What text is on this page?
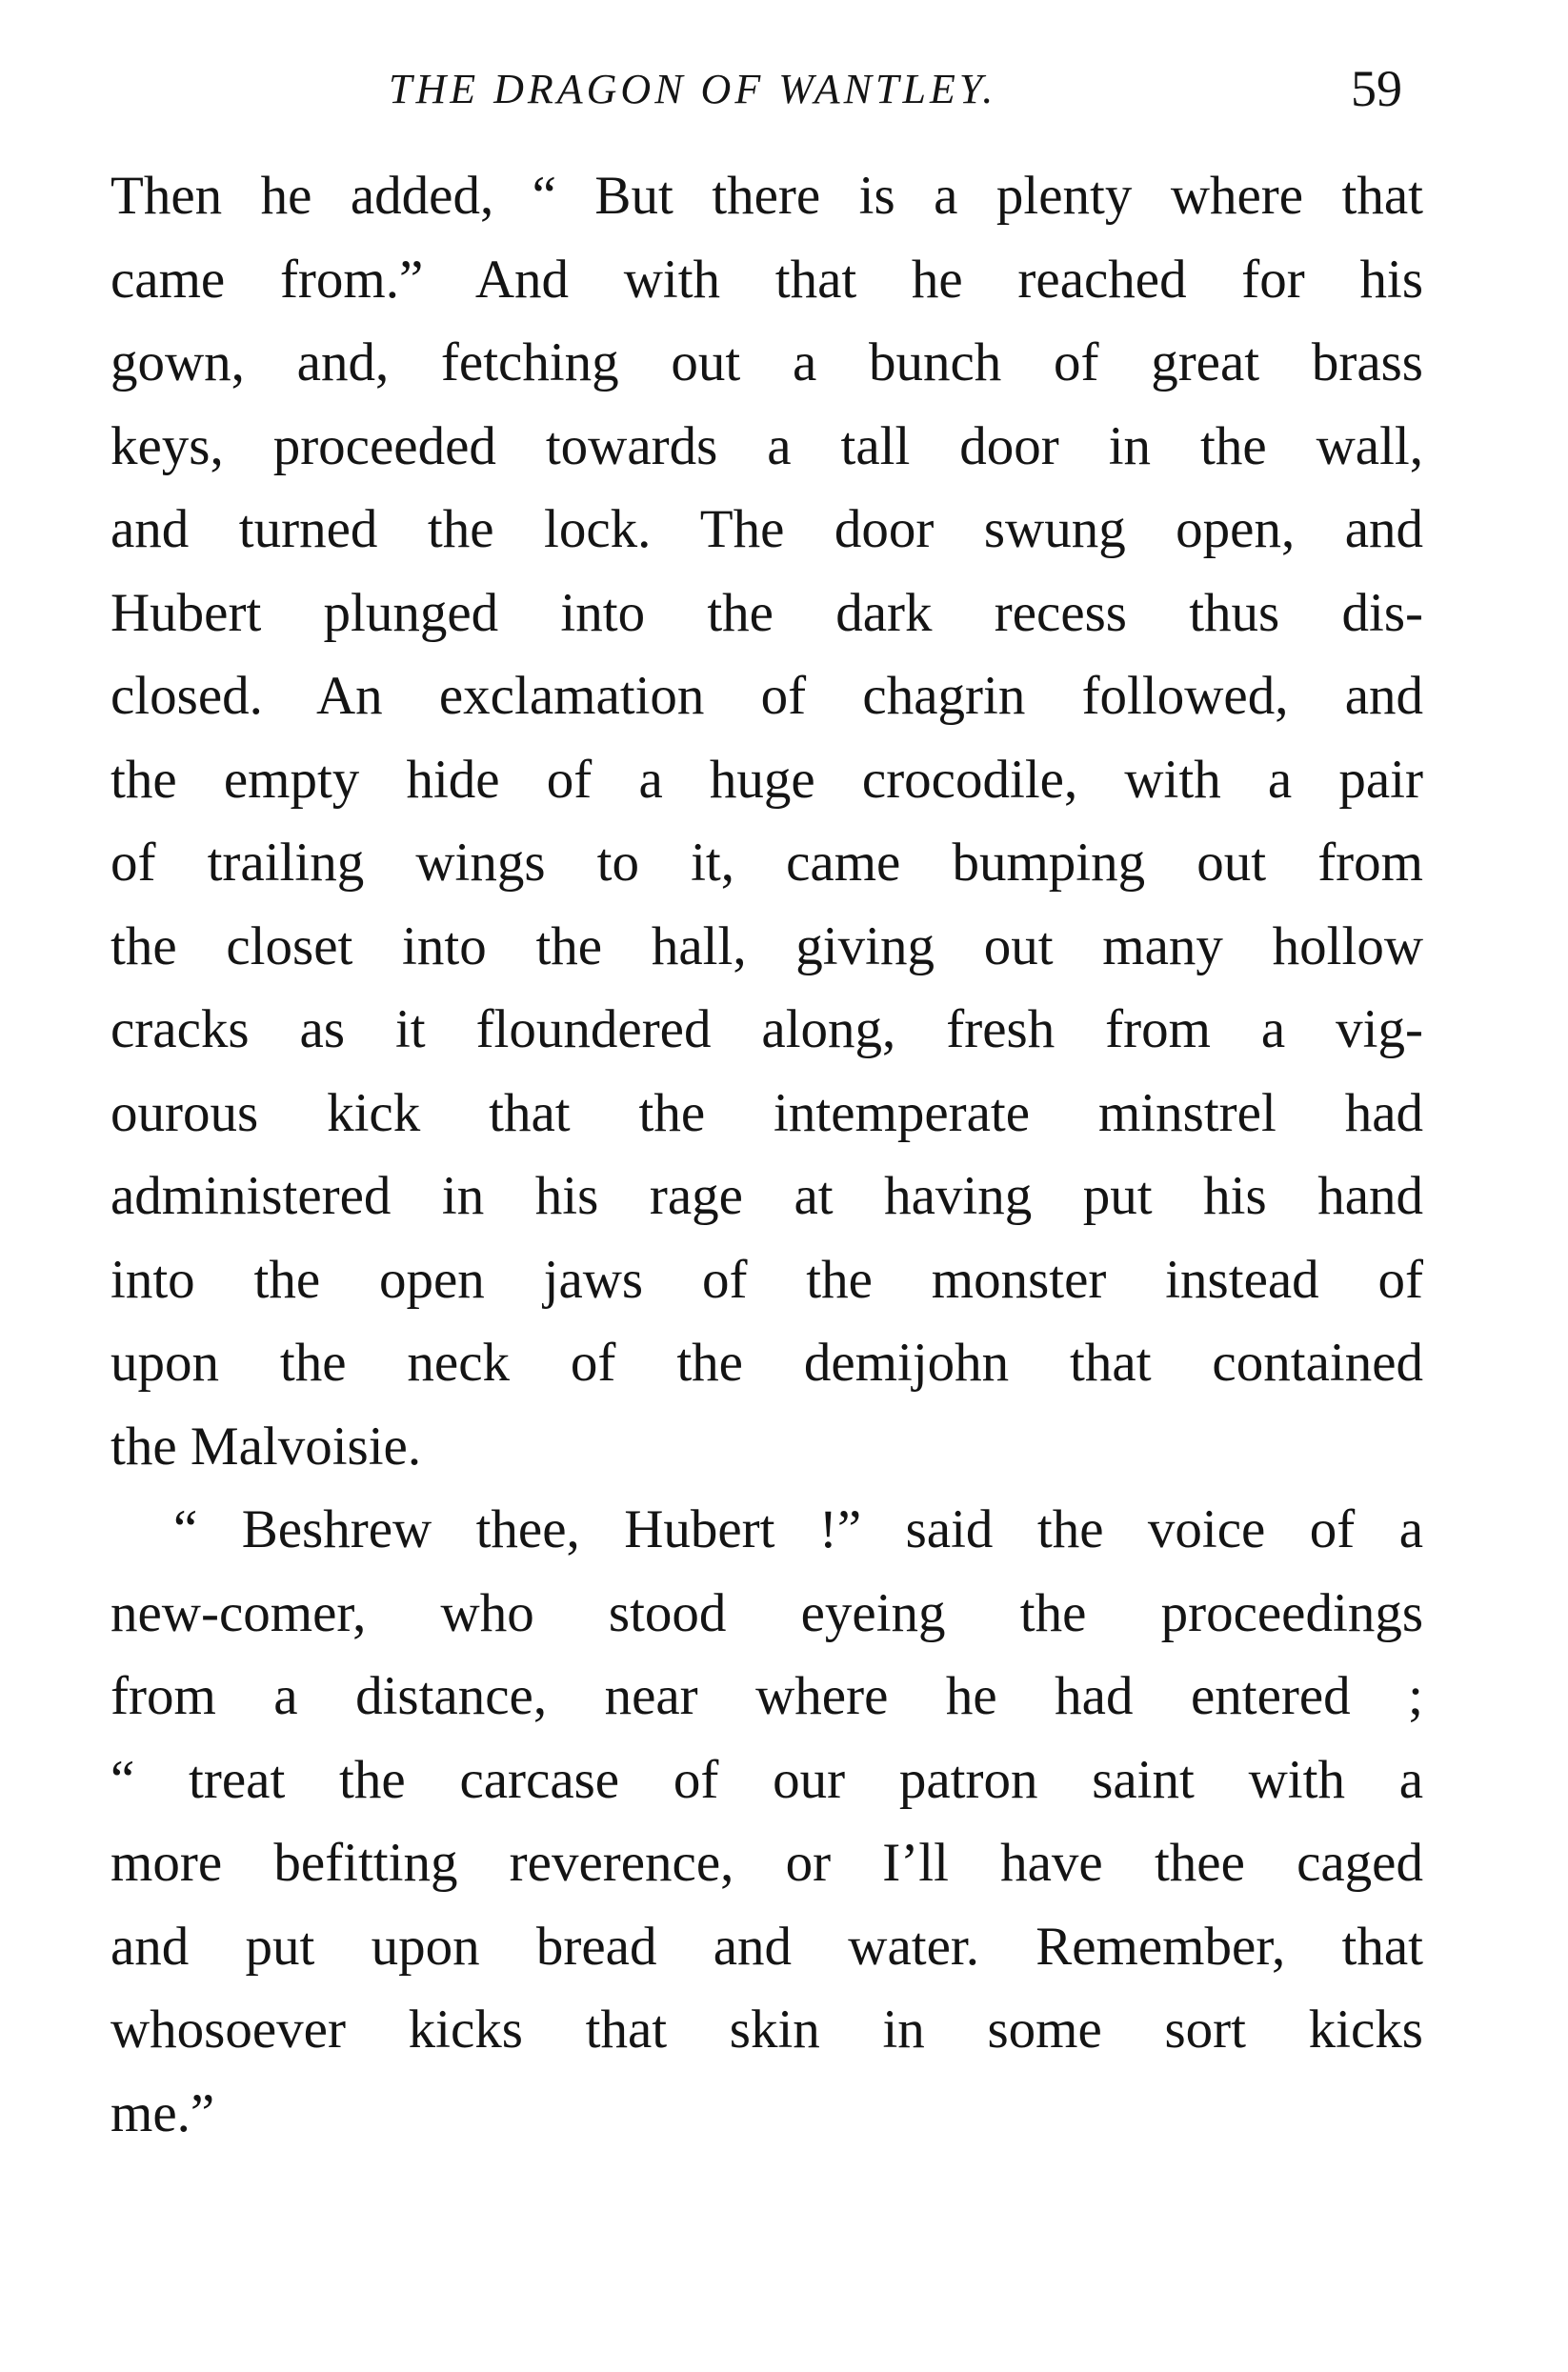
THE DRAGON OF WANTLEY.	59
Then he added, “ But there is a plenty where that
came from.” And with that he reached for his
gown, and, fetching out a bunch of great brass
keys, proceeded towards a tall door in the wall,
and turned the lock. The door swung open, and
Hubert plunged into the dark recess thus dis-
closed. An exclamation of chagrin followed, and
the empty hide of a huge crocodile, with a pair
of trailing wings to it, came bumping out from
the closet into the hall, giving out many hollow
cracks as it floundered along, fresh from a vig-
ourous kick that the intemperate minstrel had
administered in his rage at having put his hand
into the open jaws of the monster instead of
upon the neck of the demijohn that contained
the Malvoisie.
“ Beshrew thee, Hubert !” said the voice of a
new-comer, who stood eyeing the proceedings
from a distance, near where he had entered ;
“ treat the carcase of our patron saint with a
more befitting reverence, or I’ll have thee caged
and put upon bread and water. Remember, that
whosoever kicks that skin in some sort kicks
me.”
